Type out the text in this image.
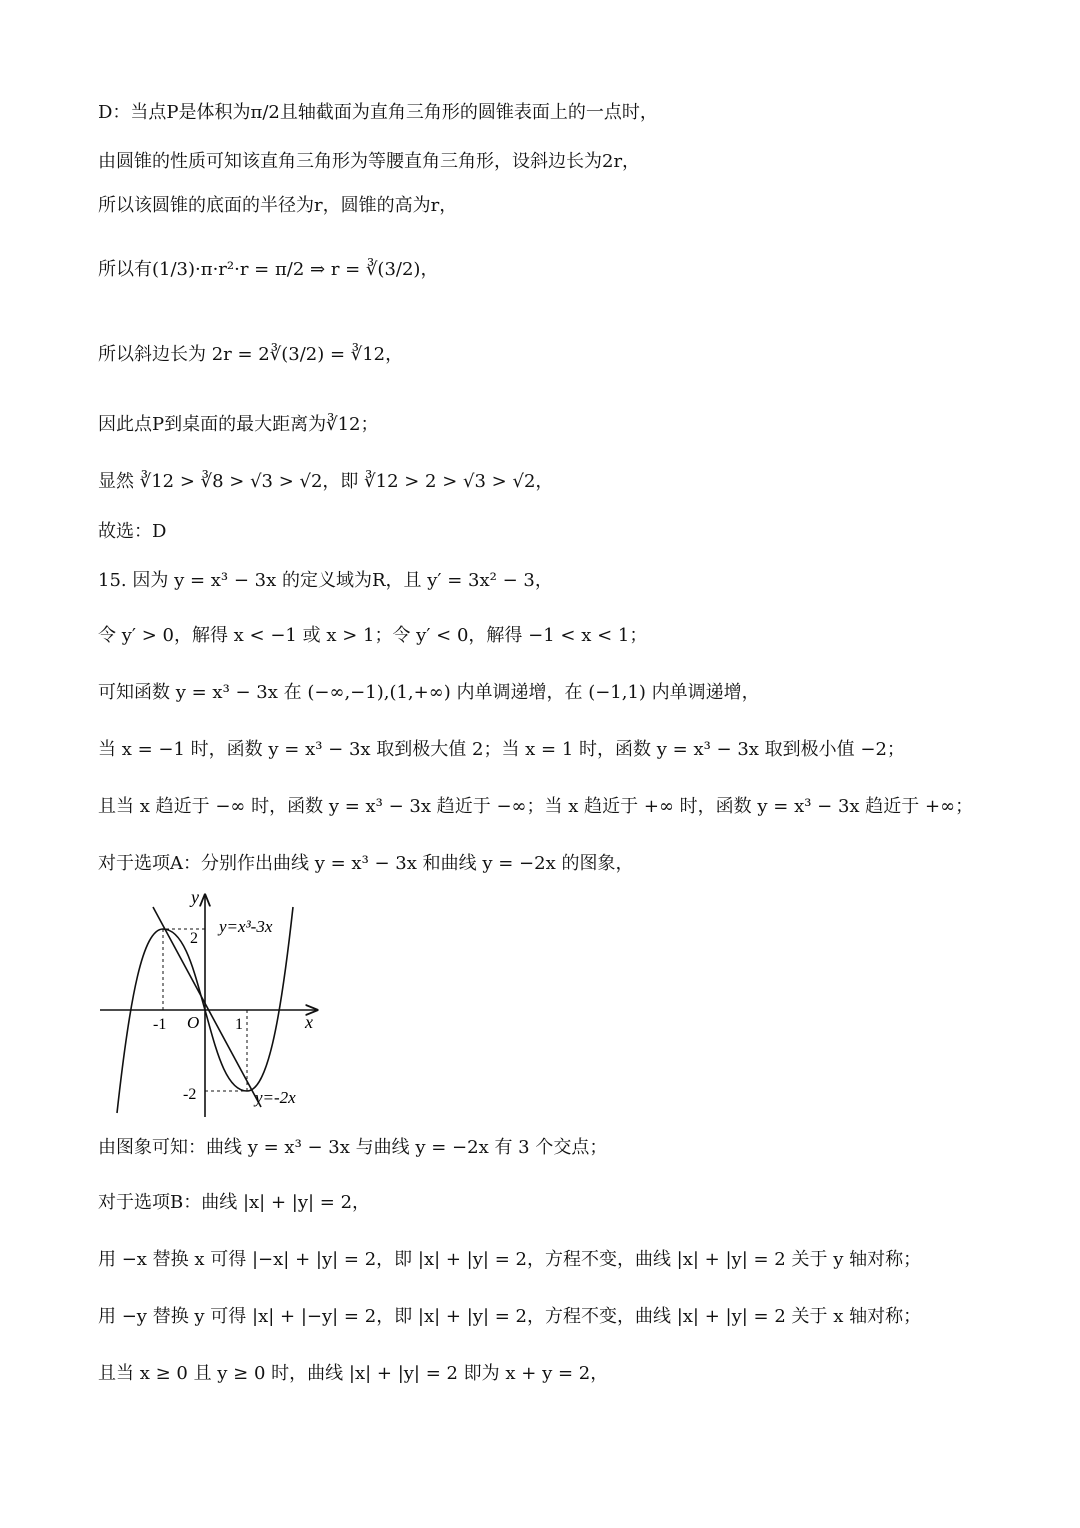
D：当点P是体积为π/2且轴截面为直角三角形的圆锥表面上的一点时，
由圆锥的性质可知该直角三角形为等腰直角三角形，设斜边长为2r，
所以该圆锥的底面的半径为r，圆锥的高为r，
所以有(1/3)·π·r²·r = π/2 ⇒ r = ∛(3/2)，
所以斜边长为 2r = 2∛(3/2) = ∛12，
因此点P到桌面的最大距离为∛12；
显然 ∛12 > ∛8 > √3 > √2，即 ∛12 > 2 > √3 > √2，
故选：D
15. 因为 y = x³ − 3x 的定义域为R，且 y′ = 3x² − 3，
令 y′ > 0，解得 x < −1 或 x > 1；令 y′ < 0，解得 −1 < x < 1；
可知函数 y = x³ − 3x 在 (−∞,−1),(1,+∞) 内单调递增，在 (−1,1) 内单调递增，
当 x = −1 时，函数 y = x³ − 3x 取到极大值 2；当 x = 1 时，函数 y = x³ − 3x 取到极小值 −2；
且当 x 趋近于 −∞ 时，函数 y = x³ − 3x 趋近于 −∞；当 x 趋近于 +∞ 时，函数 y = x³ − 3x 趋近于 +∞；
对于选项A：分别作出曲线 y = x³ − 3x 和曲线 y = −2x 的图象，
y
x
O
-1	1
2
-2
y=x³-3x
y=-2x
由图象可知：曲线 y = x³ − 3x 与曲线 y = −2x 有 3 个交点；
对于选项B：曲线 |x| + |y| = 2，
用 −x 替换 x 可得 |−x| + |y| = 2，即 |x| + |y| = 2，方程不变，曲线 |x| + |y| = 2 关于 y 轴对称；
用 −y 替换 y 可得 |x| + |−y| = 2，即 |x| + |y| = 2，方程不变，曲线 |x| + |y| = 2 关于 x 轴对称；
且当 x ≥ 0 且 y ≥ 0 时，曲线 |x| + |y| = 2 即为 x + y = 2，
